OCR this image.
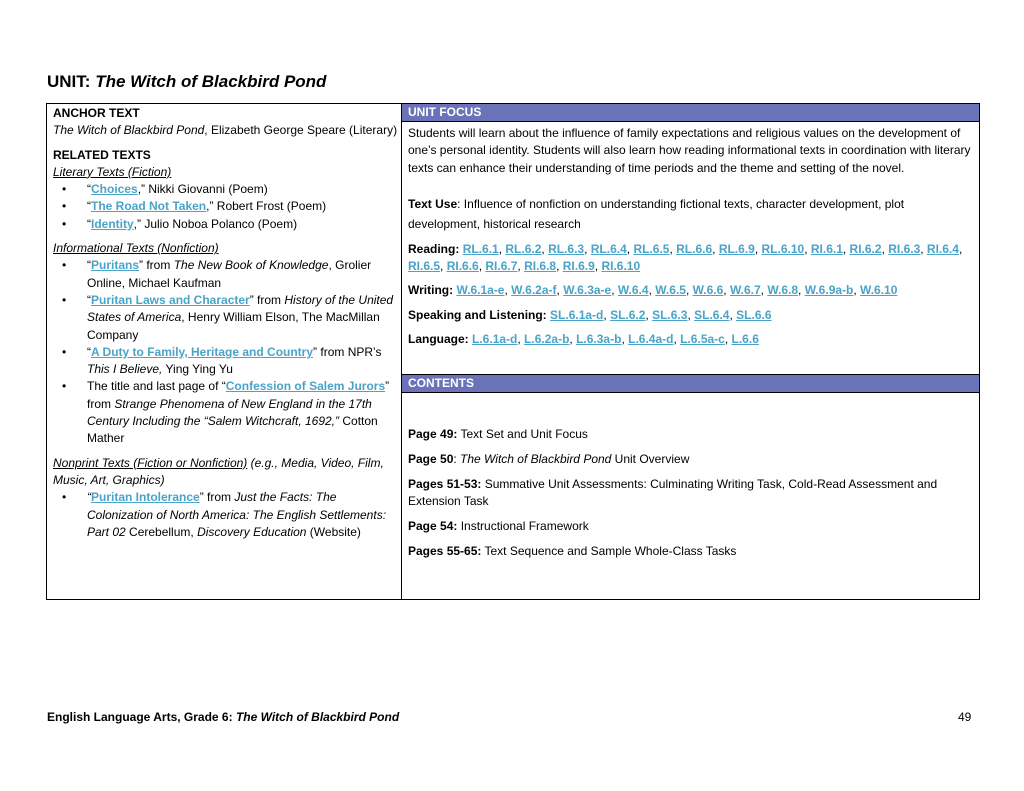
UNIT: The Witch of Blackbird Pond
ANCHOR TEXT
The Witch of Blackbird Pond, Elizabeth George Speare (Literary)
RELATED TEXTS
Literary Texts (Fiction)
• “Choices,” Nikki Giovanni (Poem)
• “The Road Not Taken,” Robert Frost (Poem)
• “Identity,” Julio Noboa Polanco (Poem)
Informational Texts (Nonfiction)
• “Puritans” from The New Book of Knowledge, Grolier Online, Michael Kaufman
• “Puritan Laws and Character” from History of the United States of America, Henry William Elson, The MacMillan Company
• “A Duty to Family, Heritage and Country” from NPR’s This I Believe, Ying Ying Yu
• The title and last page of “Confession of Salem Jurors” from Strange Phenomena of New England in the 17th Century Including the “Salem Witchcraft, 1692,” Cotton Mather
Nonprint Texts (Fiction or Nonfiction) (e.g., Media, Video, Film, Music, Art, Graphics)
• “Puritan Intolerance” from Just the Facts: The Colonization of North America: The English Settlements: Part 02 Cerebellum, Discovery Education (Website)
UNIT FOCUS

Students will learn about the influence of family expectations and religious values on the development of one’s personal identity. Students will also learn how reading informational texts in coordination with literary texts can enhance their understanding of time periods and the theme and setting of the novel.

Text Use: Influence of nonfiction on understanding fictional texts, character development, plot development, historical research

Reading: RL.6.1, RL.6.2, RL.6.3, RL.6.4, RL.6.5, RL.6.6, RL.6.9, RL.6.10, RI.6.1, RI.6.2, RI.6.3, RI.6.4, RI.6.5, RI.6.6, RI.6.7, RI.6.8, RI.6.9, RI.6.10

Writing: W.6.1a-e, W.6.2a-f, W.6.3a-e, W.6.4, W.6.5, W.6.6, W.6.7, W.6.8, W.6.9a-b, W.6.10

Speaking and Listening: SL.6.1a-d, SL.6.2, SL.6.3, SL.6.4, SL.6.6

Language: L.6.1a-d, L.6.2a-b, L.6.3a-b, L.6.4a-d, L.6.5a-c, L.6.6

CONTENTS

Page 49: Text Set and Unit Focus

Page 50: The Witch of Blackbird Pond Unit Overview

Pages 51-53: Summative Unit Assessments: Culminating Writing Task, Cold-Read Assessment and Extension Task

Page 54: Instructional Framework

Pages 55-65: Text Sequence and Sample Whole-Class Tasks

English Language Arts, Grade 6: The Witch of Blackbird Pond	49
